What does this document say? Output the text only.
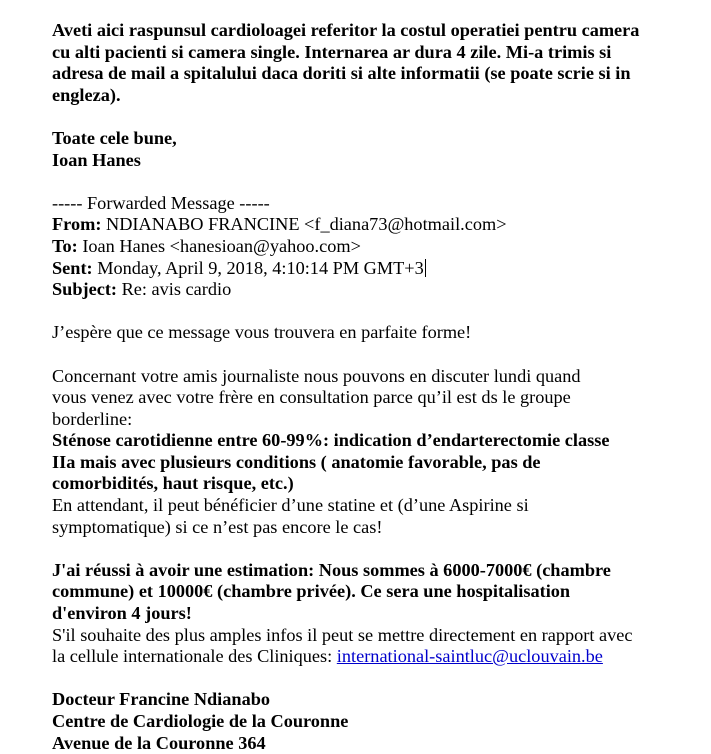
Aveti aici raspunsul cardioloagei referitor la costul operatiei pentru camera

cu alti pacienti si camera single. Internarea ar dura 4 zile. Mi-a trimis si

adresa de mail a spitalului daca doriti si alte informatii (se poate scrie si in

engleza).

Toate cele bune,

Ioan Hanes

----- Forwarded Message -----

From: NDIANABO FRANCINE <f_diana73@hotmail.com>

To: Ioan Hanes <hanesioan@yahoo.com>

Sent: Monday, April 9, 2018, 4:10:14 PM GMT+3

Subject: Re: avis cardio

J’espère que ce message vous trouvera en parfaite forme!

Concernant votre amis journaliste nous pouvons en discuter lundi quand

vous venez avec votre frère en consultation parce qu’il est ds le groupe

borderline:

Sténose carotidienne entre 60-99%: indication d’endarterectomie classe

IIa mais avec plusieurs conditions ( anatomie favorable, pas de

comorbidités, haut risque, etc.)

En attendant, il peut bénéficier d’une statine et (d’une Aspirine si

symptomatique) si ce n’est pas encore le cas!

J'ai réussi à avoir une estimation: Nous sommes à 6000-7000€ (chambre

commune) et 10000€ (chambre privée). Ce sera une hospitalisation

d'environ 4 jours!

S'il souhaite des plus amples infos il peut se mettre directement en rapport avec

la cellule internationale des Cliniques: international-saintluc@uclouvain.be

Docteur Francine Ndianabo

Centre de Cardiologie de la Couronne

Avenue de la Couronne 364
